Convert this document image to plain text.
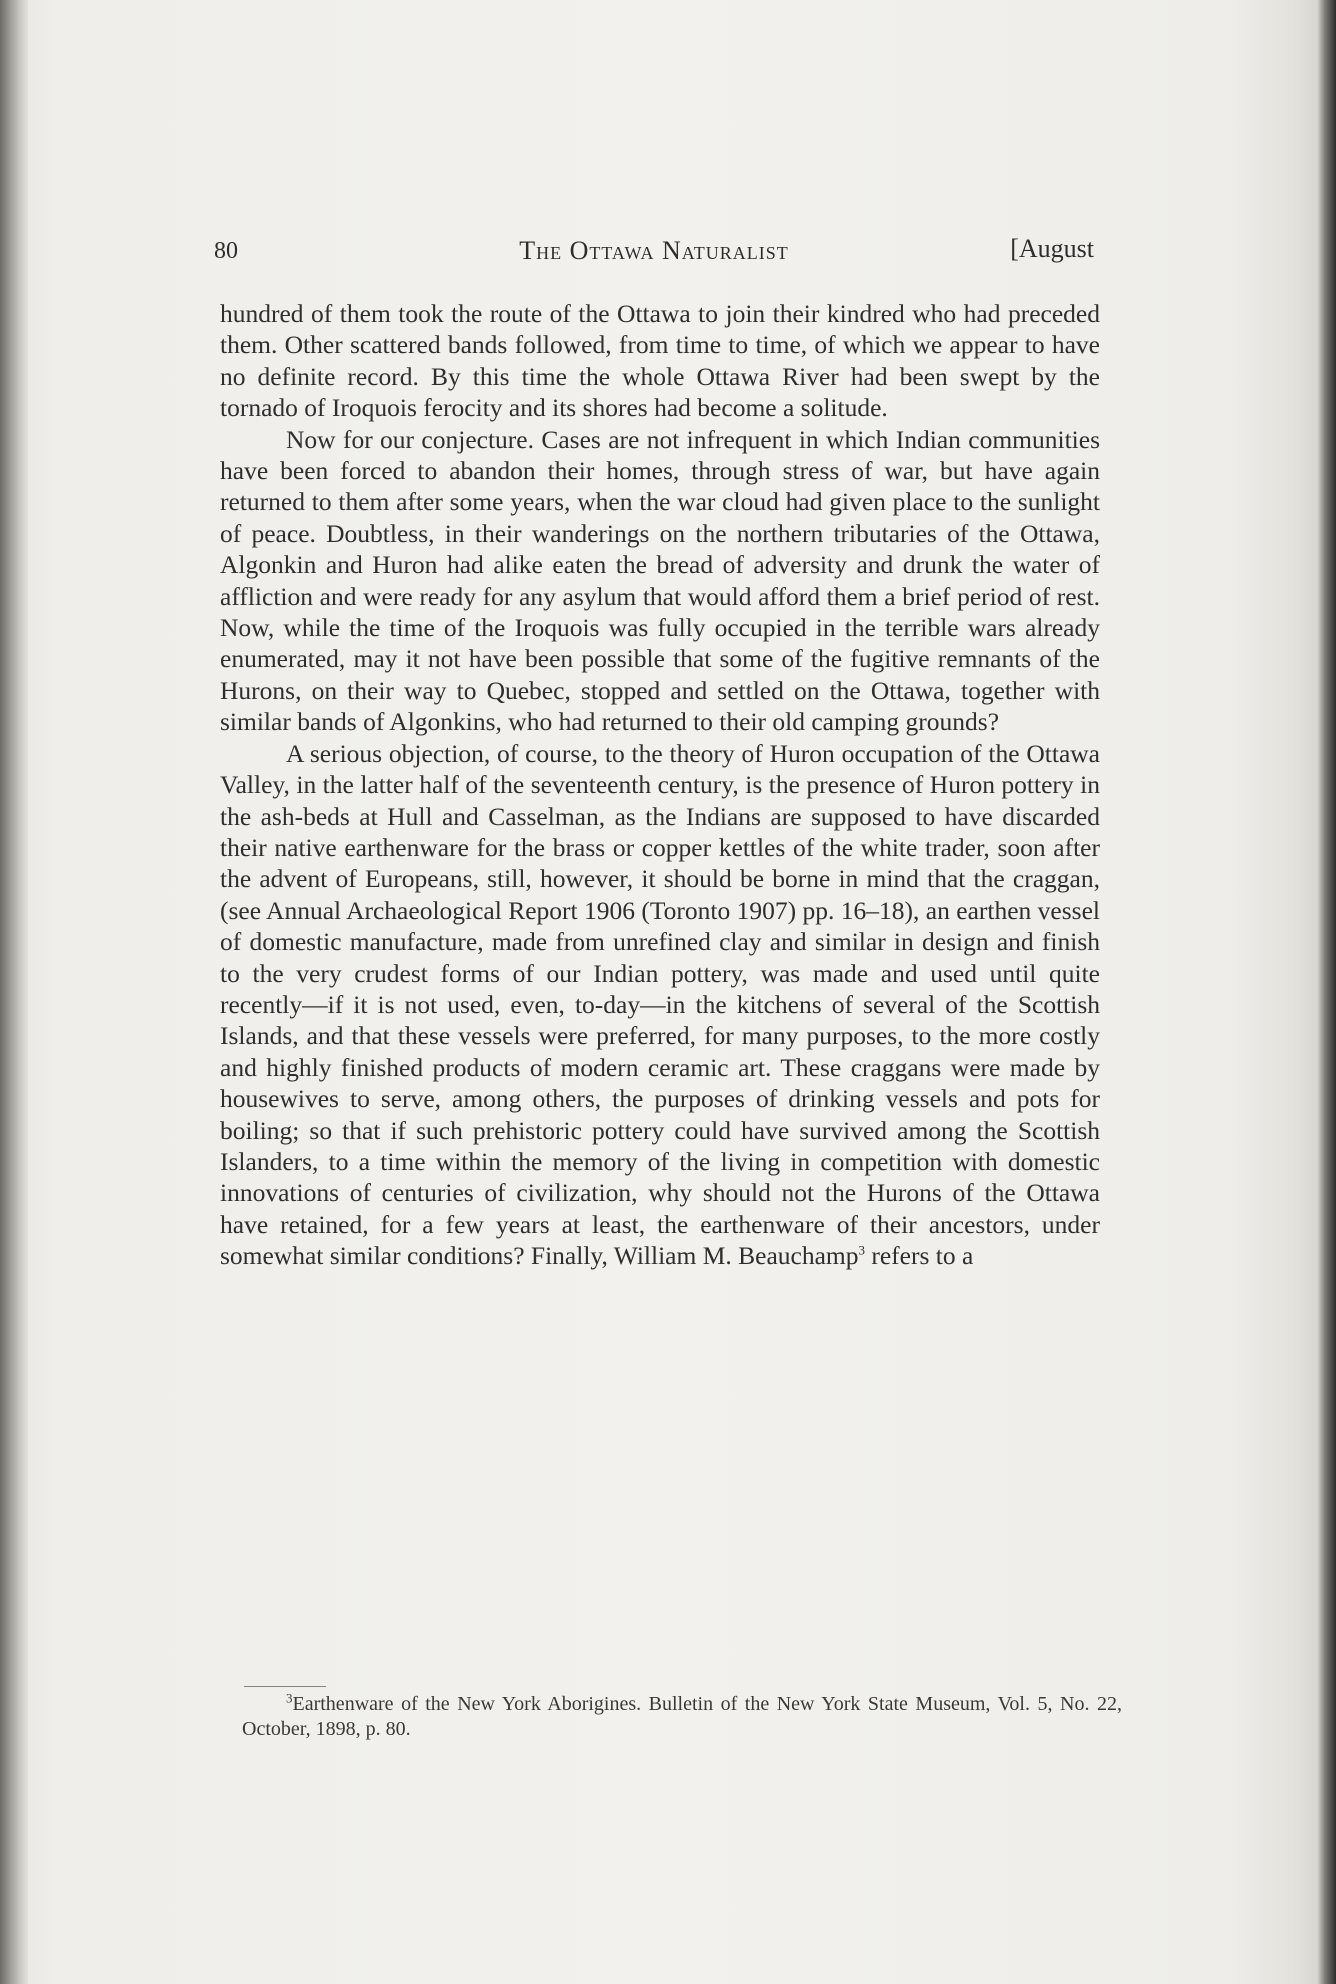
80	The Ottawa Naturalist	[August

hundred of them took the route of the Ottawa to join their kindred who had preceded them. Other scattered bands followed, from time to time, of which we appear to have no definite record. By this time the whole Ottawa River had been swept by the tornado of Iroquois ferocity and its shores had become a solitude.

Now for our conjecture. Cases are not infrequent in which Indian communities have been forced to abandon their homes, through stress of war, but have again returned to them after some years, when the war cloud had given place to the sunlight of peace. Doubtless, in their wanderings on the northern tributaries of the Ottawa, Algonkin and Huron had alike eaten the bread of adversity and drunk the water of affliction and were ready for any asylum that would afford them a brief period of rest. Now, while the time of the Iroquois was fully occupied in the terrible wars already enumerated, may it not have been possible that some of the fugitive remnants of the Hurons, on their way to Quebec, stopped and settled on the Ottawa, together with similar bands of Algonkins, who had returned to their old camping grounds?

A serious objection, of course, to the theory of Huron occupation of the Ottawa Valley, in the latter half of the seventeenth century, is the presence of Huron pottery in the ash-beds at Hull and Casselman, as the Indians are supposed to have discarded their native earthenware for the brass or copper kettles of the white trader, soon after the advent of Europeans, still, however, it should be borne in mind that the craggan, (see Annual Archaeological Report 1906 (Toronto 1907) pp. 16–18), an earthen vessel of domestic manufacture, made from unrefined clay and similar in design and finish to the very crudest forms of our Indian pottery, was made and used until quite recently—if it is not used, even, to-day—in the kitchens of several of the Scottish Islands, and that these vessels were preferred, for many purposes, to the more costly and highly finished products of modern ceramic art. These craggans were made by housewives to serve, among others, the purposes of drinking vessels and pots for boiling; so that if such prehistoric pottery could have survived among the Scottish Islanders, to a time within the memory of the living in competition with domestic innovations of centuries of civilization, why should not the Hurons of the Ottawa have retained, for a few years at least, the earthenware of their ancestors, under somewhat similar conditions? Finally, William M. Beauchamp$^3$ refers to a

$^3$Earthenware of the New York Aborigines. Bulletin of the New York State Museum, Vol. 5, No. 22, October, 1898, p. 80.
